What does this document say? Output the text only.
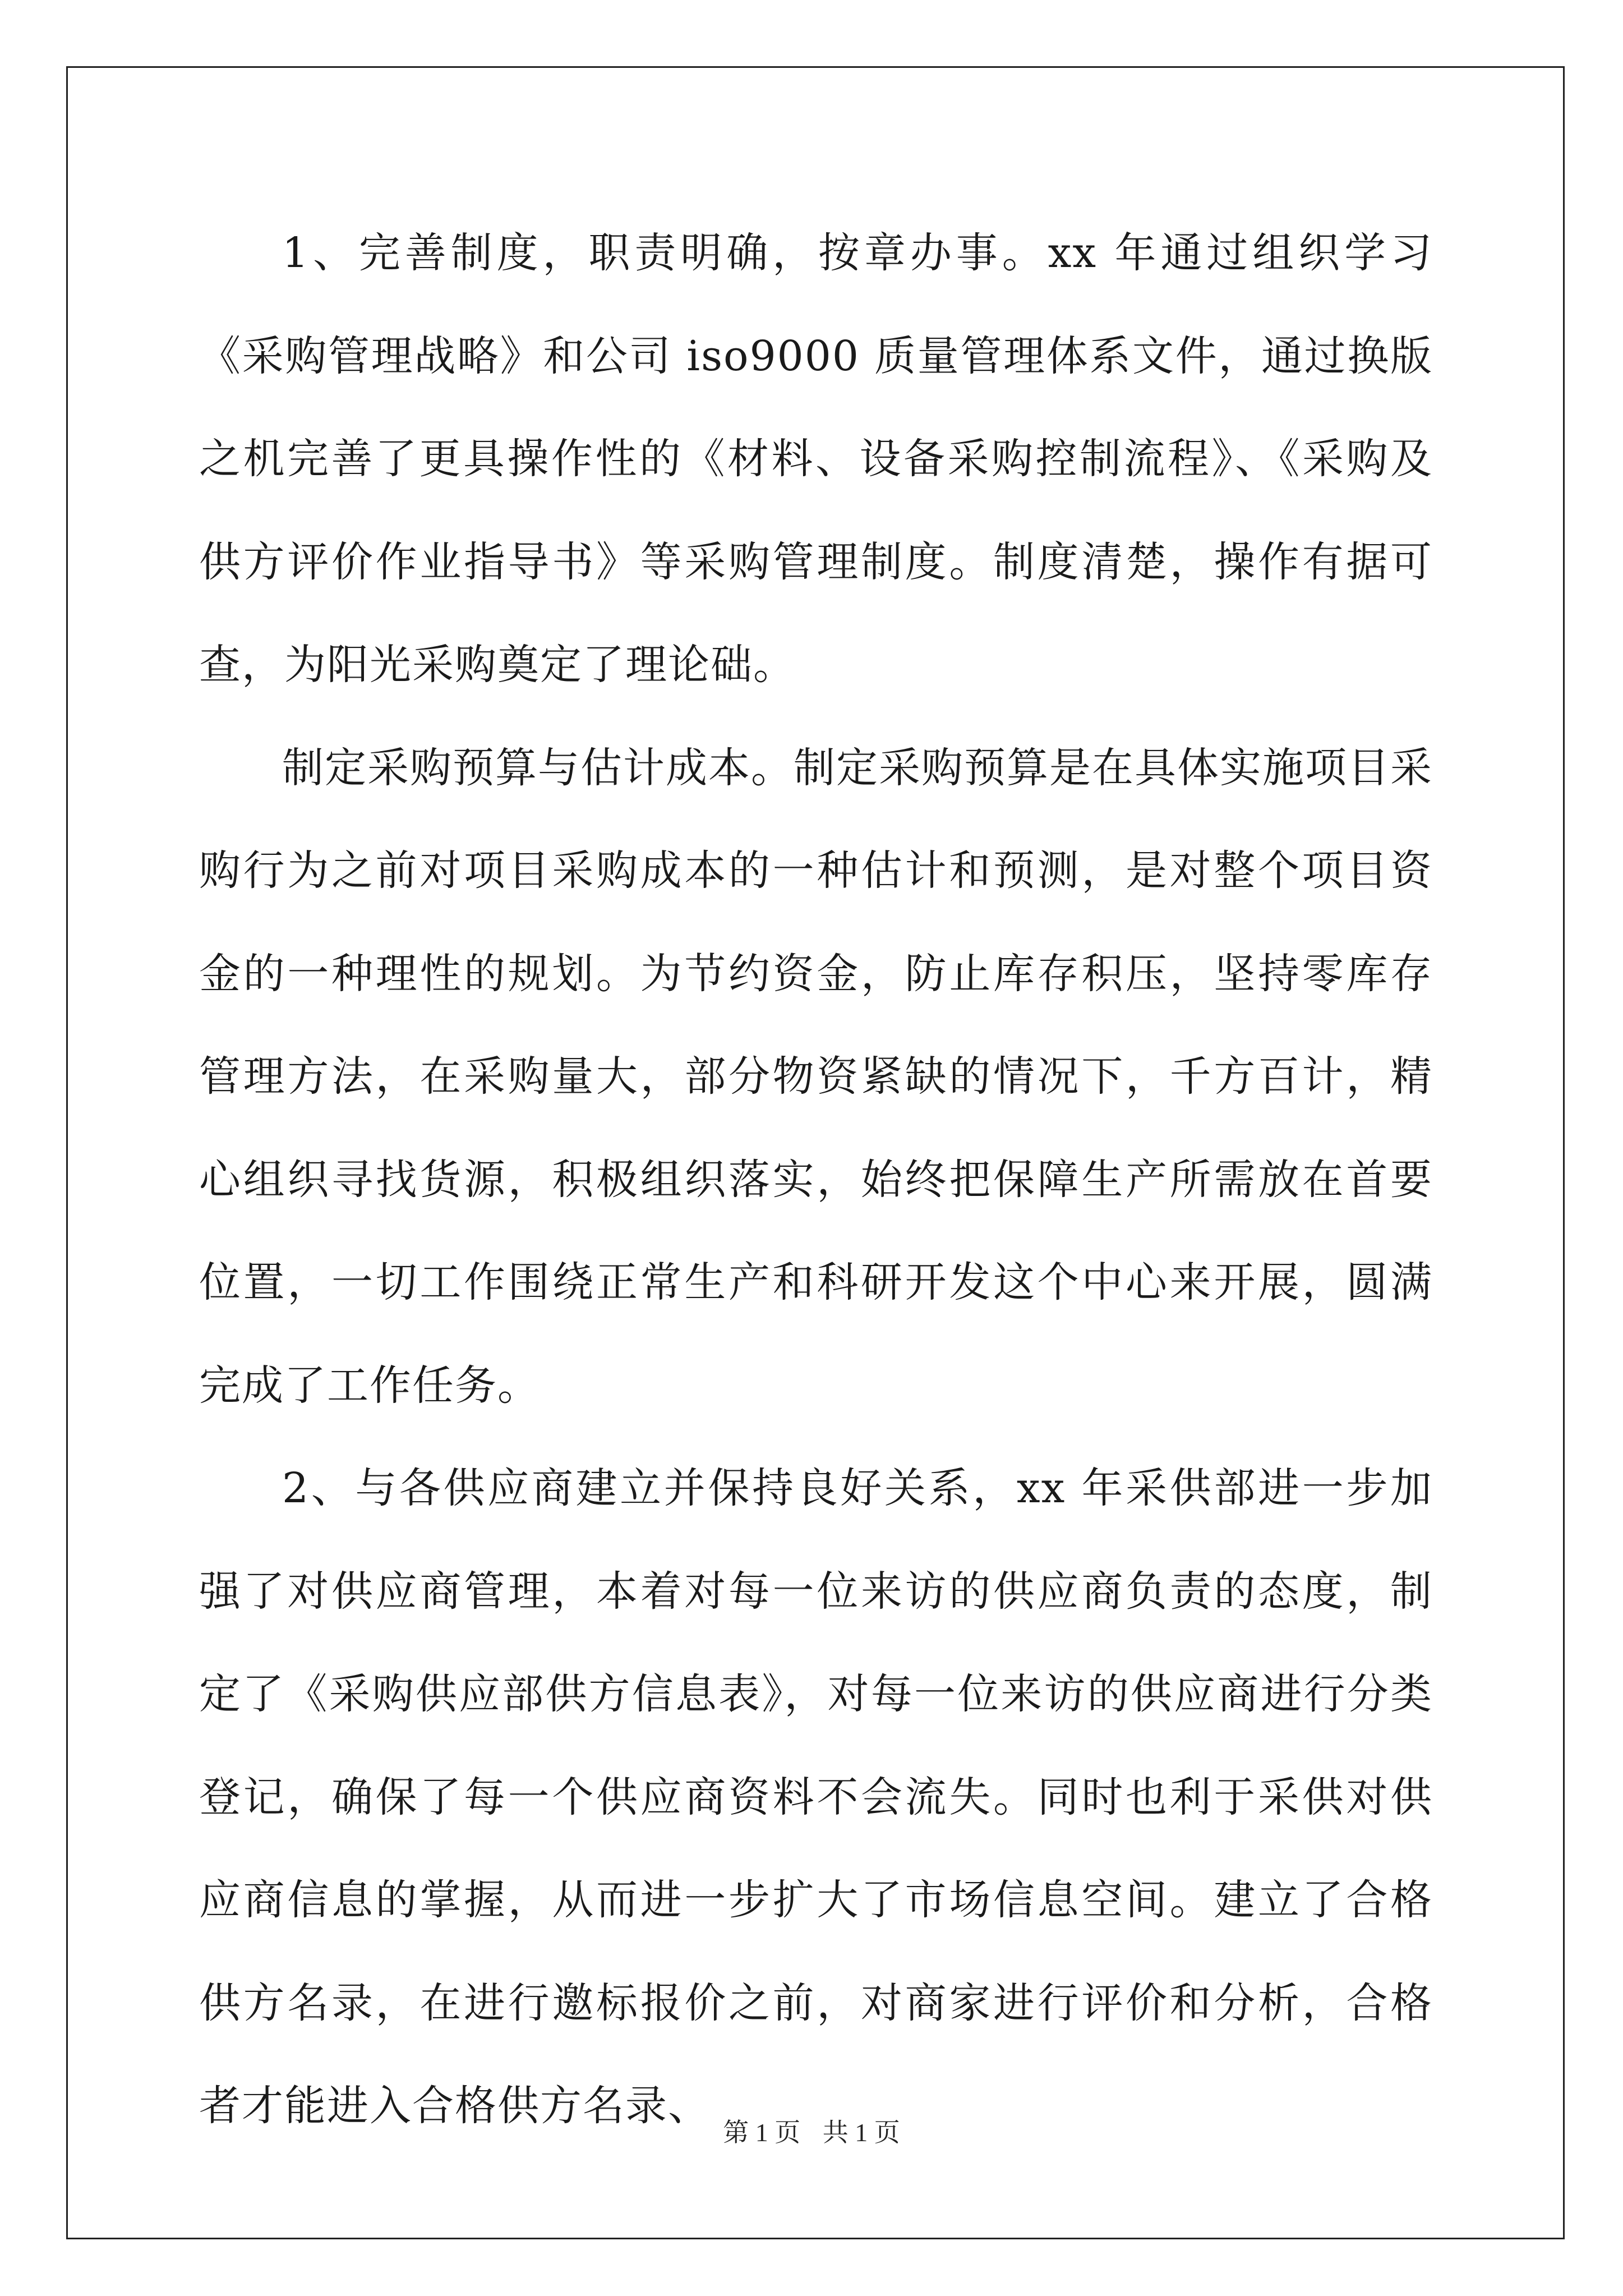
1、完善制度，职责明确，按章办事。xx 年通过组织学习《采购管理战略》和公司 iso9000 质量管理体系文件，通过换版之机完善了更具操作性的《材料、设备采购控制流程》、《采购及供方评价作业指导书》等采购管理制度。制度清楚，操作有据可查，为阳光采购奠定了理论础。

制定采购预算与估计成本。制定采购预算是在具体实施项目采购行为之前对项目采购成本的一种估计和预测，是对整个项目资金的一种理性的规划。为节约资金，防止库存积压，坚持零库存管理方法，在采购量大，部分物资紧缺的情况下，千方百计，精心组织寻找货源，积极组织落实，始终把保障生产所需放在首要位置，一切工作围绕正常生产和科研开发这个中心来开展，圆满完成了工作任务。

2、与各供应商建立并保持良好关系，xx 年采供部进一步加强了对供应商管理，本着对每一位来访的供应商负责的态度，制定了《采购供应部供方信息表》，对每一位来访的供应商进行分类登记，确保了每一个供应商资料不会流失。同时也利于采供对供应商信息的掌握，从而进一步扩大了市场信息空间。建立了合格供方名录，在进行邀标报价之前，对商家进行评价和分析，合格者才能进入合格供方名录、

第 1 页 共 1 页
